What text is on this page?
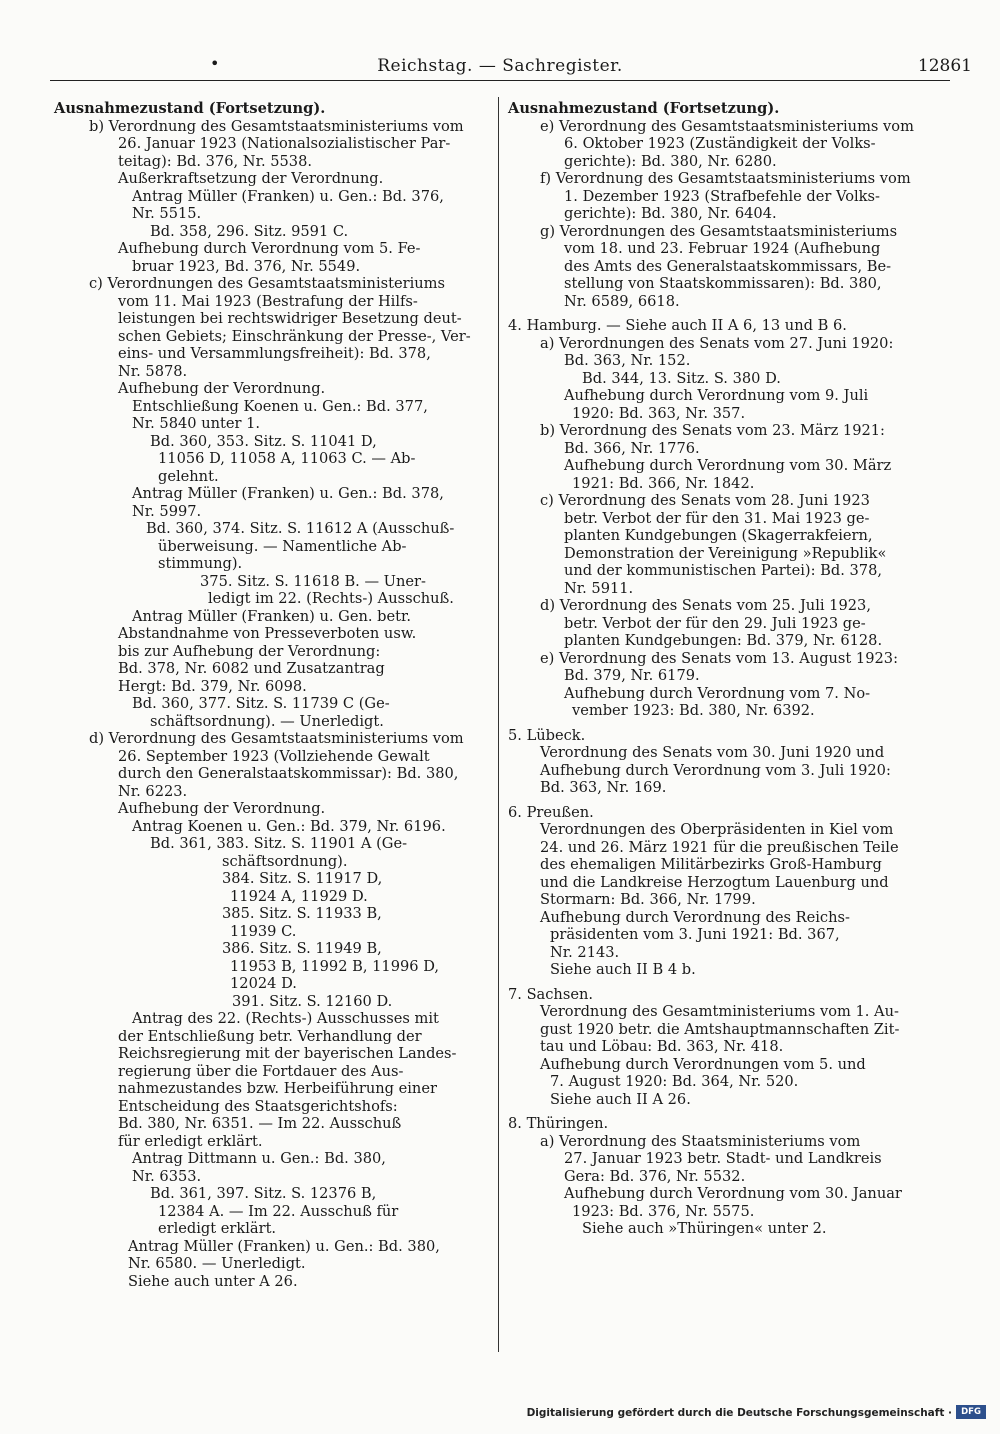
•	Reichstag. — Sachregister.	12861
Ausnahmezustand (Fortsetzung).
b) Verordnung des Gesamtstaatsministeriums vom
26. Januar 1923 (Nationalsozialistischer Par-
teitag): Bd. 376, Nr. 5538.
Außerkraftsetzung der Verordnung.
Antrag Müller (Franken) u. Gen.: Bd. 376,
Nr. 5515.
Bd. 358, 296. Sitz. 9591 C.
Aufhebung durch Verordnung vom 5. Fe-
bruar 1923, Bd. 376, Nr. 5549.
c) Verordnungen des Gesamtstaatsministeriums
vom 11. Mai 1923 (Bestrafung der Hilfs-
leistungen bei rechtswidriger Besetzung deut-
schen Gebiets; Einschränkung der Presse-, Ver-
eins- und Versammlungsfreiheit): Bd. 378,
Nr. 5878.
Aufhebung der Verordnung.
Entschließung Koenen u. Gen.: Bd. 377,
Nr. 5840 unter 1.
Bd. 360, 353. Sitz. S. 11041 D,
11056 D, 11058 A, 11063 C. — Ab-
gelehnt.
Antrag Müller (Franken) u. Gen.: Bd. 378,
Nr. 5997.
Bd. 360, 374. Sitz. S. 11612 A (Ausschuß-
überweisung. — Namentliche Ab-
stimmung).
375. Sitz. S. 11618 B. — Uner-
ledigt im 22. (Rechts-) Ausschuß.
Antrag Müller (Franken) u. Gen. betr.
Abstandnahme von Presseverboten usw.
bis zur Aufhebung der Verordnung:
Bd. 378, Nr. 6082 und Zusatzantrag
Hergt: Bd. 379, Nr. 6098.
Bd. 360, 377. Sitz. S. 11739 C (Ge-
schäftsordnung). — Unerledigt.
d) Verordnung des Gesamtstaatsministeriums vom
26. September 1923 (Vollziehende Gewalt
durch den Generalstaatskommissar): Bd. 380,
Nr. 6223.
Aufhebung der Verordnung.
Antrag Koenen u. Gen.: Bd. 379, Nr. 6196.
Bd. 361, 383. Sitz. S. 11901 A (Ge-
schäftsordnung).
384. Sitz. S. 11917 D,
11924 A, 11929 D.
385. Sitz. S. 11933 B,
11939 C.
386. Sitz. S. 11949 B,
11953 B, 11992 B, 11996 D,
12024 D.
391. Sitz. S. 12160 D.
Antrag des 22. (Rechts-) Ausschusses mit
der Entschließung betr. Verhandlung der
Reichsregierung mit der bayerischen Landes-
regierung über die Fortdauer des Aus-
nahmezustandes bzw. Herbeiführung einer
Entscheidung des Staatsgerichtshofs:
Bd. 380, Nr. 6351. — Im 22. Ausschuß
für erledigt erklärt.
Antrag Dittmann u. Gen.: Bd. 380,
Nr. 6353.
Bd. 361, 397. Sitz. S. 12376 B,
12384 A. — Im 22. Ausschuß für
erledigt erklärt.
Antrag Müller (Franken) u. Gen.: Bd. 380,
Nr. 6580. — Unerledigt.
Siehe auch unter A 26.
Ausnahmezustand (Fortsetzung).
e) Verordnung des Gesamtstaatsministeriums vom
6. Oktober 1923 (Zuständigkeit der Volks-
gerichte): Bd. 380, Nr. 6280.
f) Verordnung des Gesamtstaatsministeriums vom
1. Dezember 1923 (Strafbefehle der Volks-
gerichte): Bd. 380, Nr. 6404.
g) Verordnungen des Gesamtstaatsministeriums
vom 18. und 23. Februar 1924 (Aufhebung
des Amts des Generalstaatskommissars, Be-
stellung von Staatskommissaren): Bd. 380,
Nr. 6589, 6618.
4. Hamburg. — Siehe auch II A 6, 13 und B 6.
a) Verordnungen des Senats vom 27. Juni 1920:
Bd. 363, Nr. 152.
Bd. 344, 13. Sitz. S. 380 D.
Aufhebung durch Verordnung vom 9. Juli
1920: Bd. 363, Nr. 357.
b) Verordnung des Senats vom 23. März 1921:
Bd. 366, Nr. 1776.
Aufhebung durch Verordnung vom 30. März
1921: Bd. 366, Nr. 1842.
c) Verordnung des Senats vom 28. Juni 1923
betr. Verbot der für den 31. Mai 1923 ge-
planten Kundgebungen (Skagerrakfeiern,
Demonstration der Vereinigung »Republik«
und der kommunistischen Partei): Bd. 378,
Nr. 5911.
d) Verordnung des Senats vom 25. Juli 1923,
betr. Verbot der für den 29. Juli 1923 ge-
planten Kundgebungen: Bd. 379, Nr. 6128.
e) Verordnung des Senats vom 13. August 1923:
Bd. 379, Nr. 6179.
Aufhebung durch Verordnung vom 7. No-
vember 1923: Bd. 380, Nr. 6392.
5. Lübeck.
Verordnung des Senats vom 30. Juni 1920 und
Aufhebung durch Verordnung vom 3. Juli 1920:
Bd. 363, Nr. 169.
6. Preußen.
Verordnungen des Oberpräsidenten in Kiel vom
24. und 26. März 1921 für die preußischen Teile
des ehemaligen Militärbezirks Groß-Hamburg
und die Landkreise Herzogtum Lauenburg und
Stormarn: Bd. 366, Nr. 1799.
Aufhebung durch Verordnung des Reichs-
präsidenten vom 3. Juni 1921: Bd. 367,
Nr. 2143.
Siehe auch II B 4 b.
7. Sachsen.
Verordnung des Gesamtministeriums vom 1. Au-
gust 1920 betr. die Amtshauptmannschaften Zit-
tau und Löbau: Bd. 363, Nr. 418.
Aufhebung durch Verordnungen vom 5. und
7. August 1920: Bd. 364, Nr. 520.
Siehe auch II A 26.
8. Thüringen.
a) Verordnung des Staatsministeriums vom
27. Januar 1923 betr. Stadt- und Landkreis
Gera: Bd. 376, Nr. 5532.
Aufhebung durch Verordnung vom 30. Januar
1923: Bd. 376, Nr. 5575.
Siehe auch »Thüringen« unter 2.
Digitalisierung gefördert durch die Deutsche Forschungsgemeinschaft ·	DFG
